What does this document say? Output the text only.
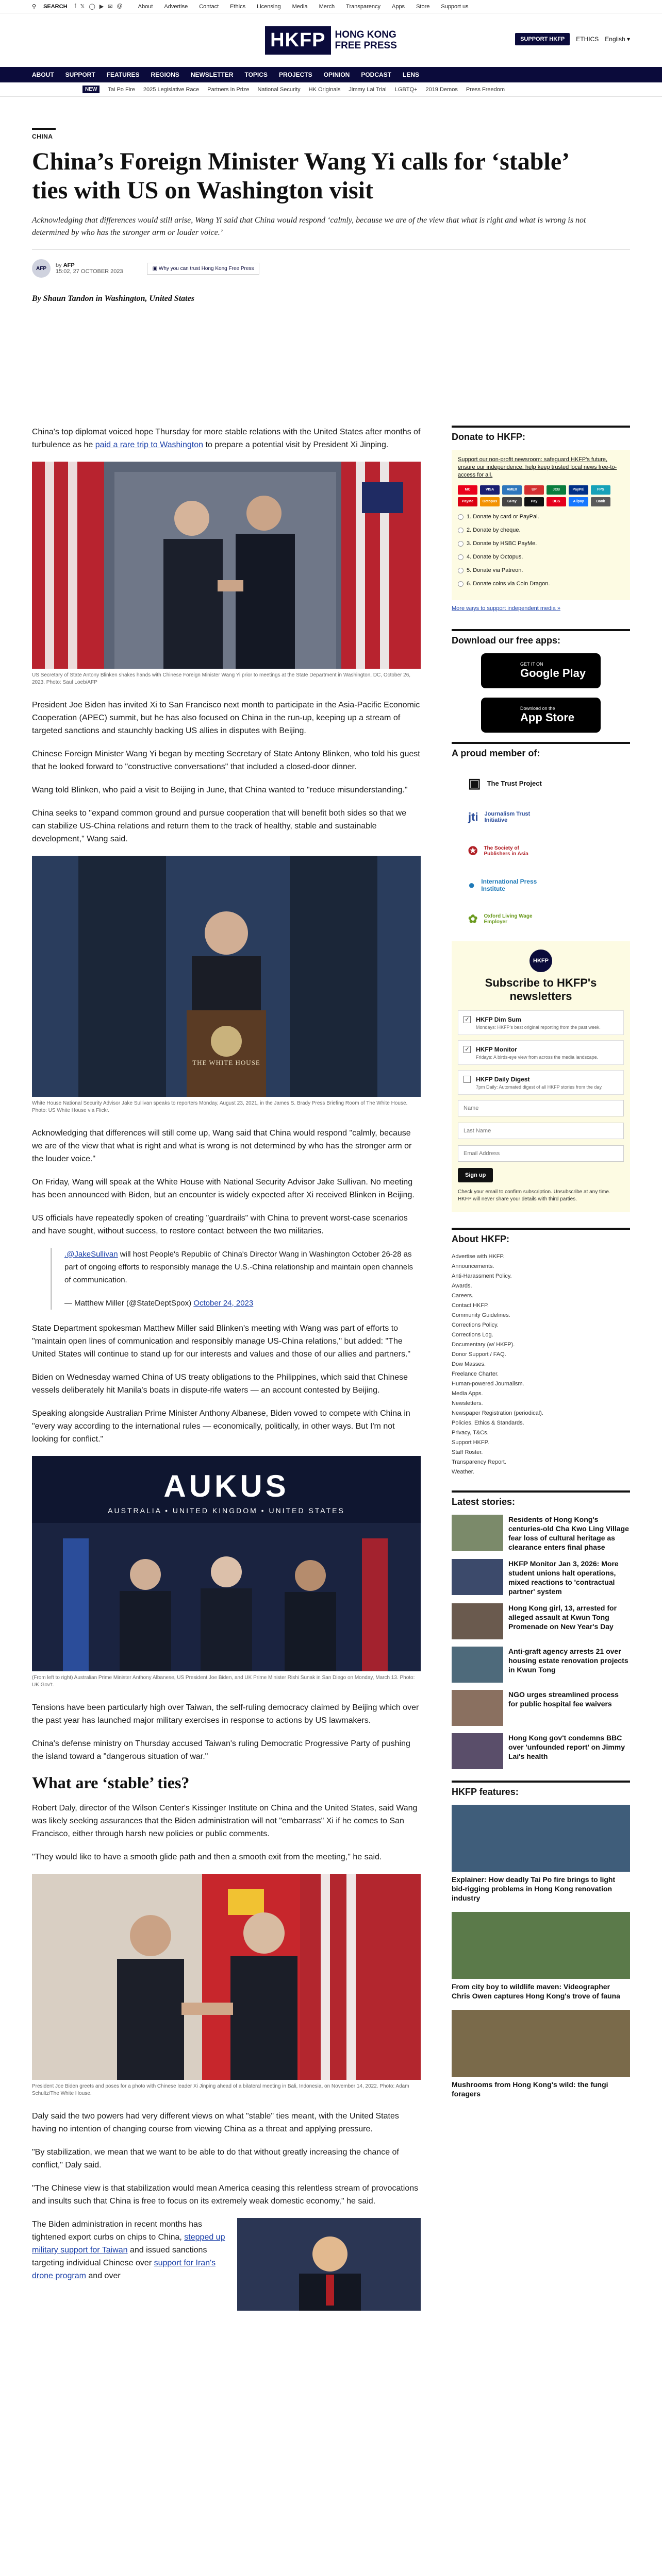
⚲ SEARCH f 𝕏 ◯ ▶ ✉ @	About Advertise Contact Ethics Licensing Media Merch Transparency Apps Store Support us
HKFP HONG KONG
FREE PRESS
SUPPORT HKFP	ETHICS English ▾
ABOUT SUPPORT FEATURES REGIONS NEWSLETTER TOPICS PROJECTS OPINION PODCAST LENS
NEW	Tai Po Fire 2025 Legislative Race Partners in Prize National Security HK Originals Jimmy Lai Trial LGBTQ+ 2019 Demos Press Freedom
CHINA
China’s Foreign Minister Wang Yi calls for ‘stable’ ties with US on Washington visit
Acknowledging that differences would still arise, Wang Yi said that China would respond ‘calmly, because we are of the view that what is right and what is wrong is not determined by who has the stronger arm or louder voice.’
AFP	by AFP
15:02, 27 OCTOBER 2023	▣ Why you can trust Hong Kong Free Press
By Shaun Tandon in Washington, United States

China's top diplomat voiced hope Thursday for more stable relations with the United States after months of turbulence as he paid a rare trip to Washington to prepare a potential visit by President Xi Jinping.

US Secretary of State Antony Blinken shakes hands with Chinese Foreign Minister Wang Yi prior to meetings at the State Department in Washington, DC, October 26, 2023. Photo: Saul Loeb/AFP

President Joe Biden has invited Xi to San Francisco next month to participate in the Asia-Pacific Economic Cooperation (APEC) summit, but he has also focused on China in the run-up, keeping up a stream of targeted sanctions and staunchly backing US allies in disputes with Beijing.

Chinese Foreign Minister Wang Yi began by meeting Secretary of State Antony Blinken, who told his guest that he looked forward to "constructive conversations" that included a closed-door dinner.

Wang told Blinken, who paid a visit to Beijing in June, that China wanted to "reduce misunderstanding."

China seeks to "expand common ground and pursue cooperation that will benefit both sides so that we can stabilize US-China relations and return them to the track of healthy, stable and sustainable development," Wang said.

THE WHITE HOUSE
White House National Security Advisor Jake Sullivan speaks to reporters Monday, August 23, 2021, in the James S. Brady Press Briefing Room of The White House. Photo: US White House via Flickr.

Acknowledging that differences will still come up, Wang said that China would respond "calmly, because we are of the view that what is right and what is wrong is not determined by who has the stronger arm or the louder voice."

On Friday, Wang will speak at the White House with National Security Advisor Jake Sullivan. No meeting has been announced with Biden, but an encounter is widely expected after Xi received Blinken in Beijing.

US officials have repeatedly spoken of creating "guardrails" with China to prevent worst-case scenarios and have sought, without success, to restore contact between the two militaries.

.@JakeSullivan will host People's Republic of China's Director Wang in Washington October 26-28 as part of ongoing efforts to responsibly manage the U.S.-China relationship and maintain open channels of communication.

— Matthew Miller (@StateDeptSpox) October 24, 2023

State Department spokesman Matthew Miller said Blinken's meeting with Wang was part of efforts to "maintain open lines of communication and responsibly manage US-China relations," but added: "The United States will continue to stand up for our interests and values and those of our allies and partners."

Biden on Wednesday warned China of US treaty obligations to the Philippines, which said that Chinese vessels deliberately hit Manila's boats in dispute-rife waters — an account contested by Beijing.

Speaking alongside Australian Prime Minister Anthony Albanese, Biden vowed to compete with China in "every way according to the international rules — economically, politically, in other ways. But I'm not looking for conflict."

AUKUS
AUSTRALIA • UNITED KINGDOM • UNITED STATES
(From left to right) Australian Prime Minister Anthony Albanese, US President Joe Biden, and UK Prime Minister Rishi Sunak in San Diego on Monday, March 13. Photo: UK Gov't.

Tensions have been particularly high over Taiwan, the self-ruling democracy claimed by Beijing which over the past year has launched major military exercises in response to actions by US lawmakers.

China's defense ministry on Thursday accused Taiwan's ruling Democratic Progressive Party of pushing the island toward a "dangerous situation of war."

What are ‘stable’ ties?

Robert Daly, director of the Wilson Center's Kissinger Institute on China and the United States, said Wang was likely seeking assurances that the Biden administration will not "embarrass" Xi if he comes to San Francisco, either through harsh new policies or public comments.

"They would like to have a smooth glide path and then a smooth exit from the meeting," he said.

President Joe Biden greets and poses for a photo with Chinese leader Xi Jinping ahead of a bilateral meeting in Bali, Indonesia, on November 14, 2022. Photo: Adam Schultz/The White House.

Daly said the two powers had very different views on what "stable" ties meant, with the United States having no intention of changing course from viewing China as a threat and applying pressure.

"By stabilization, we mean that we want to be able to do that without greatly increasing the chance of conflict," Daly said.

"The Chinese view is that stabilization would mean America ceasing this relentless stream of provocations and insults such that China is free to focus on its extremely weak domestic economy," he said.

The Biden administration in recent months has tightened export curbs on chips to China, stepped up military support for Taiwan and issued sanctions targeting individual Chinese over support for Iran's drone program and over

Donate to HKFP:

Support our non-profit newsroom: safeguard HKFP's future, ensure our independence, help keep trusted local news free-to-access for all.

MC	VISA	AMEX	UP	JCB	PayPal	FPS
PayMe	Octopus	GPay	Pay	DBS	Alipay	Bank
1. Donate by card or PayPal.
2. Donate by cheque.
3. Donate by HSBC PayMe.
4. Donate by Octopus.
5. Donate via Patreon.
6. Donate coins via Coin Dragon.
More ways to support independent media »
Download our free apps:
GET IT ON
Google Play
Download on the
App Store
A proud member of:
▣ The Trust Project
jti Journalism Trust Initiative
✪ The Society of Publishers in Asia
● International Press Institute
✿ Oxford Living Wage Employer
HKFP
Subscribe to HKFP's newsletters
✓ HKFP Dim Sum
Mondays: HKFP's best original reporting from the past week.
✓ HKFP Monitor
Fridays: A birds-eye view from across the media landscape.
HKFP Daily Digest
7pm Daily: Automated digest of all HKFP stories from the day.
Name
Last Name
Email Address
Sign up

Check your email to confirm subscription. Unsubscribe at any time. HKFP will never share your details with third parties.

About HKFP:
Advertise with HKFP.
Announcements.
Anti-Harassment Policy.
Awards.
Careers.
Contact HKFP.
Community Guidelines.
Corrections Policy.
Corrections Log.
Documentary (w/ HKFP).
Donor Support / FAQ.
Dow Masses.
Freelance Charter.
Human-powered Journalism.
Media Apps.
Newsletters.
Newspaper Registration (periodical).
Policies, Ethics & Standards.
Privacy, T&Cs.
Support HKFP.
Staff Roster.
Transparency Report.
Weather.
Latest stories:
Residents of Hong Kong's centuries-old Cha Kwo Ling Village fear loss of cultural heritage as clearance enters final phase
HKFP Monitor Jan 3, 2026: More student unions halt operations, mixed reactions to 'contractual partner' system
Hong Kong girl, 13, arrested for alleged assault at Kwun Tong Promenade on New Year's Day
Anti-graft agency arrests 21 over housing estate renovation projects in Kwun Tong
NGO urges streamlined process for public hospital fee waivers
Hong Kong gov't condemns BBC over 'unfounded report' on Jimmy Lai's health
HKFP features:
Explainer: How deadly Tai Po fire brings to light bid-rigging problems in Hong Kong renovation industry
From city boy to wildlife maven: Videographer Chris Owen captures Hong Kong's trove of fauna
Mushrooms from Hong Kong's wild: the fungi foragers
